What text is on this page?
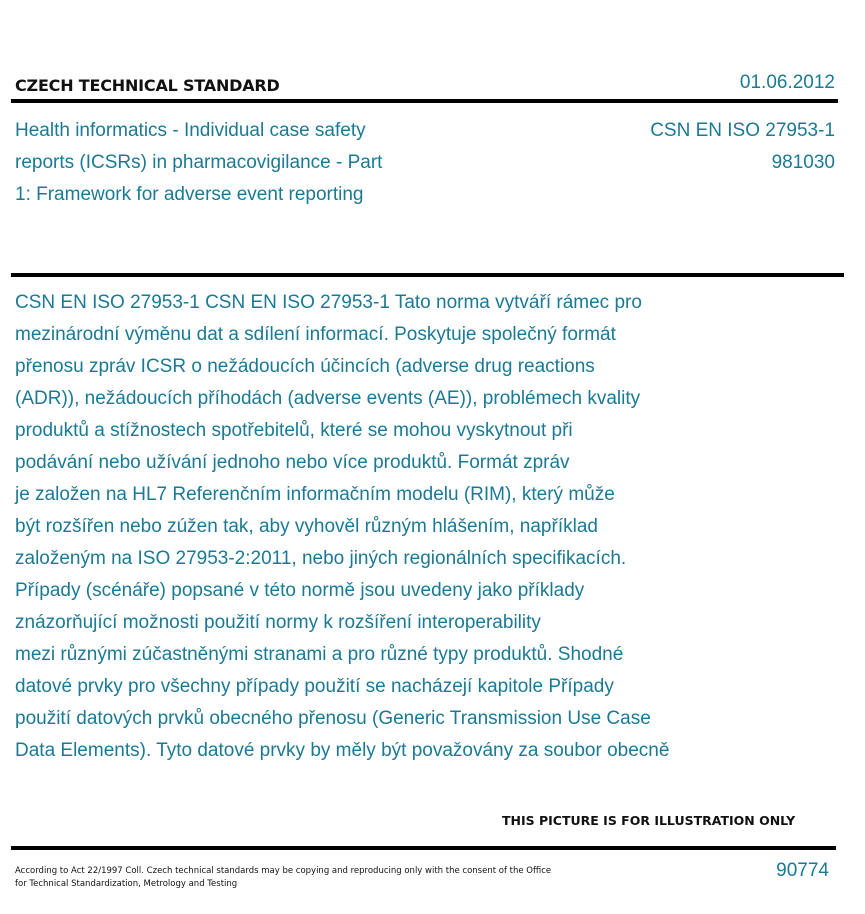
CZECH TECHNICAL STANDARD	01.06.2012
Health informatics - Individual case safety
reports (ICSRs) in pharmacovigilance - Part
1: Framework for adverse event reporting
CSN EN ISO 27953-1
981030
CSN EN ISO 27953-1 CSN EN ISO 27953-1 Tato norma vytváří rámec pro
mezinárodní výměnu dat a sdílení informací. Poskytuje společný formát
přenosu zpráv ICSR o nežádoucích účincích (adverse drug reactions
(ADR)), nežádoucích příhodách (adverse events (AE)), problémech kvality
produktů a stížnostech spotřebitelů, které se mohou vyskytnout při
podávání nebo užívání jednoho nebo více produktů. Formát zpráv
je založen na HL7 Referenčním informačním modelu (RIM), který může
být rozšířen nebo zúžen tak, aby vyhověl různým hlášením, například
založeným na ISO 27953-2:2011, nebo jiných regionálních specifikacích.
Případy (scénáře) popsané v této normě jsou uvedeny jako příklady
znázorňující možnosti použití normy k rozšíření interoperability
mezi různými zúčastněnými stranami a pro různé typy produktů. Shodné
datové prvky pro všechny případy použití se nacházejí kapitole Případy
použití datových prvků obecného přenosu (Generic Transmission Use Case
Data Elements). Tyto datové prvky by měly být považovány za soubor obecně
THIS PICTURE IS FOR ILLUSTRATION ONLY
According to Act 22/1997 Coll. Czech technical standards may be copying and reproducing only with the consent of the Office
for Technical Standardization, Metrology and Testing
90774
